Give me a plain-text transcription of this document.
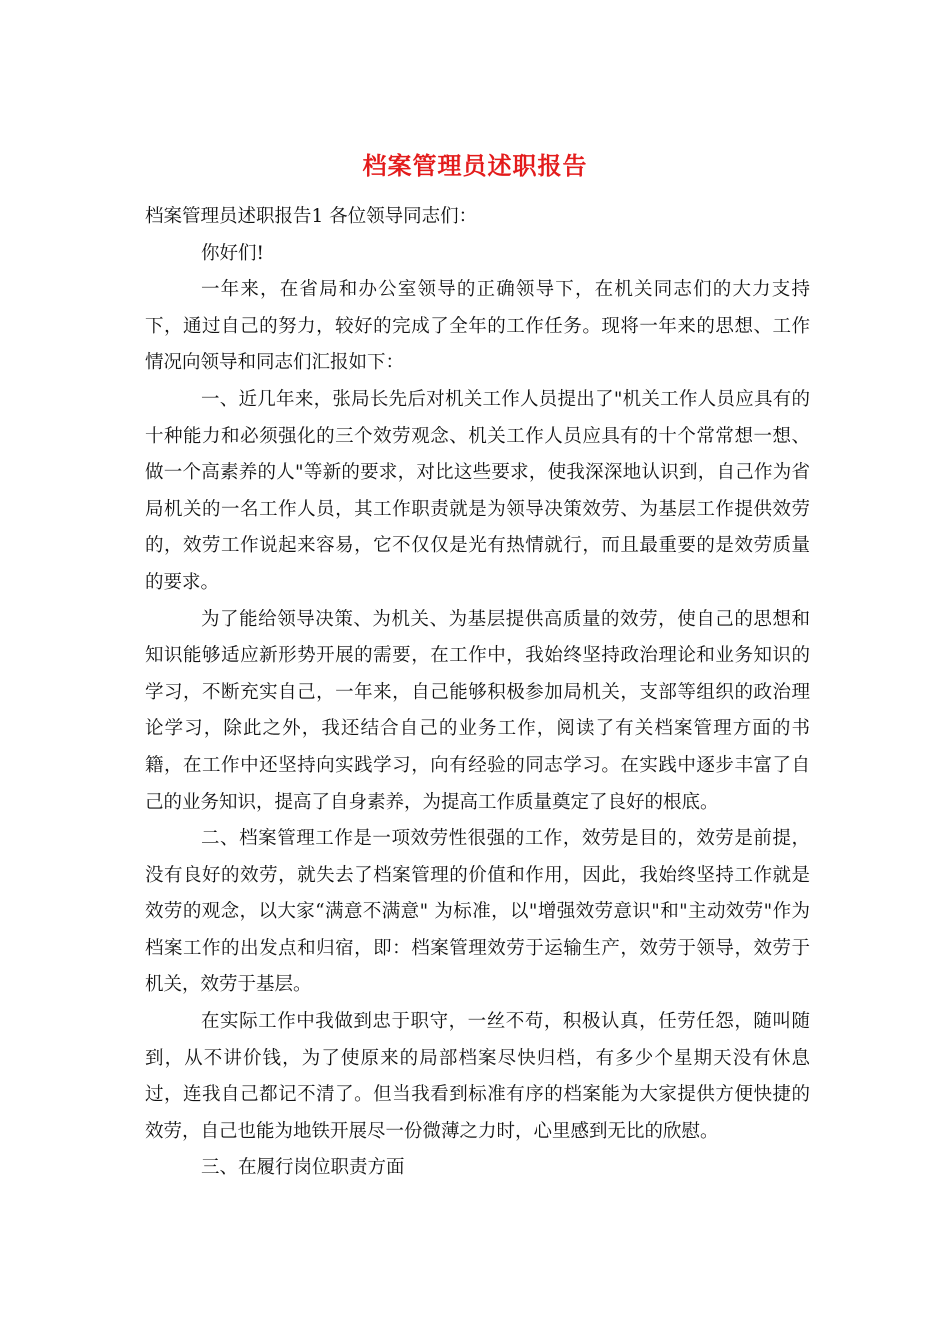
档案管理员述职报告

档案管理员述职报告1 各位领导同志们：

你好们!

一年来，在省局和办公室领导的正确领导下，在机关同志们的大力支持下，通过自己的努力，较好的完成了全年的工作任务。现将一年来的思想、工作情况向领导和同志们汇报如下：

一、近几年来，张局长先后对机关工作人员提出了"机关工作人员应具有的十种能力和必须强化的三个效劳观念、机关工作人员应具有的十个常常想一想、做一个高素养的人"等新的要求，对比这些要求，使我深深地认识到，自己作为省局机关的一名工作人员，其工作职责就是为领导决策效劳、为基层工作提供效劳的，效劳工作说起来容易，它不仅仅是光有热情就行，而且最重要的是效劳质量的要求。

为了能给领导决策、为机关、为基层提供高质量的效劳，使自己的思想和知识能够适应新形势开展的需要，在工作中，我始终坚持政治理论和业务知识的学习，不断充实自己，一年来，自己能够积极参加局机关，支部等组织的政治理论学习，除此之外，我还结合自己的业务工作，阅读了有关档案管理方面的书籍，在工作中还坚持向实践学习，向有经验的同志学习。在实践中逐步丰富了自己的业务知识，提高了自身素养，为提高工作质量奠定了良好的根底。

二、档案管理工作是一项效劳性很强的工作，效劳是目的，效劳是前提，没有良好的效劳，就失去了档案管理的价值和作用，因此，我始终坚持工作就是效劳的观念，以大家“满意不满意" 为标准，以"增强效劳意识"和"主动效劳"作为档案工作的出发点和归宿，即：档案管理效劳于运输生产，效劳于领导，效劳于机关，效劳于基层。

在实际工作中我做到忠于职守，一丝不苟，积极认真，任劳任怨，随叫随到，从不讲价钱，为了使原来的局部档案尽快归档，有多少个星期天没有休息过，连我自己都记不清了。但当我看到标准有序的档案能为大家提供方便快捷的效劳，自己也能为地铁开展尽一份微薄之力时，心里感到无比的欣慰。

三、在履行岗位职责方面
